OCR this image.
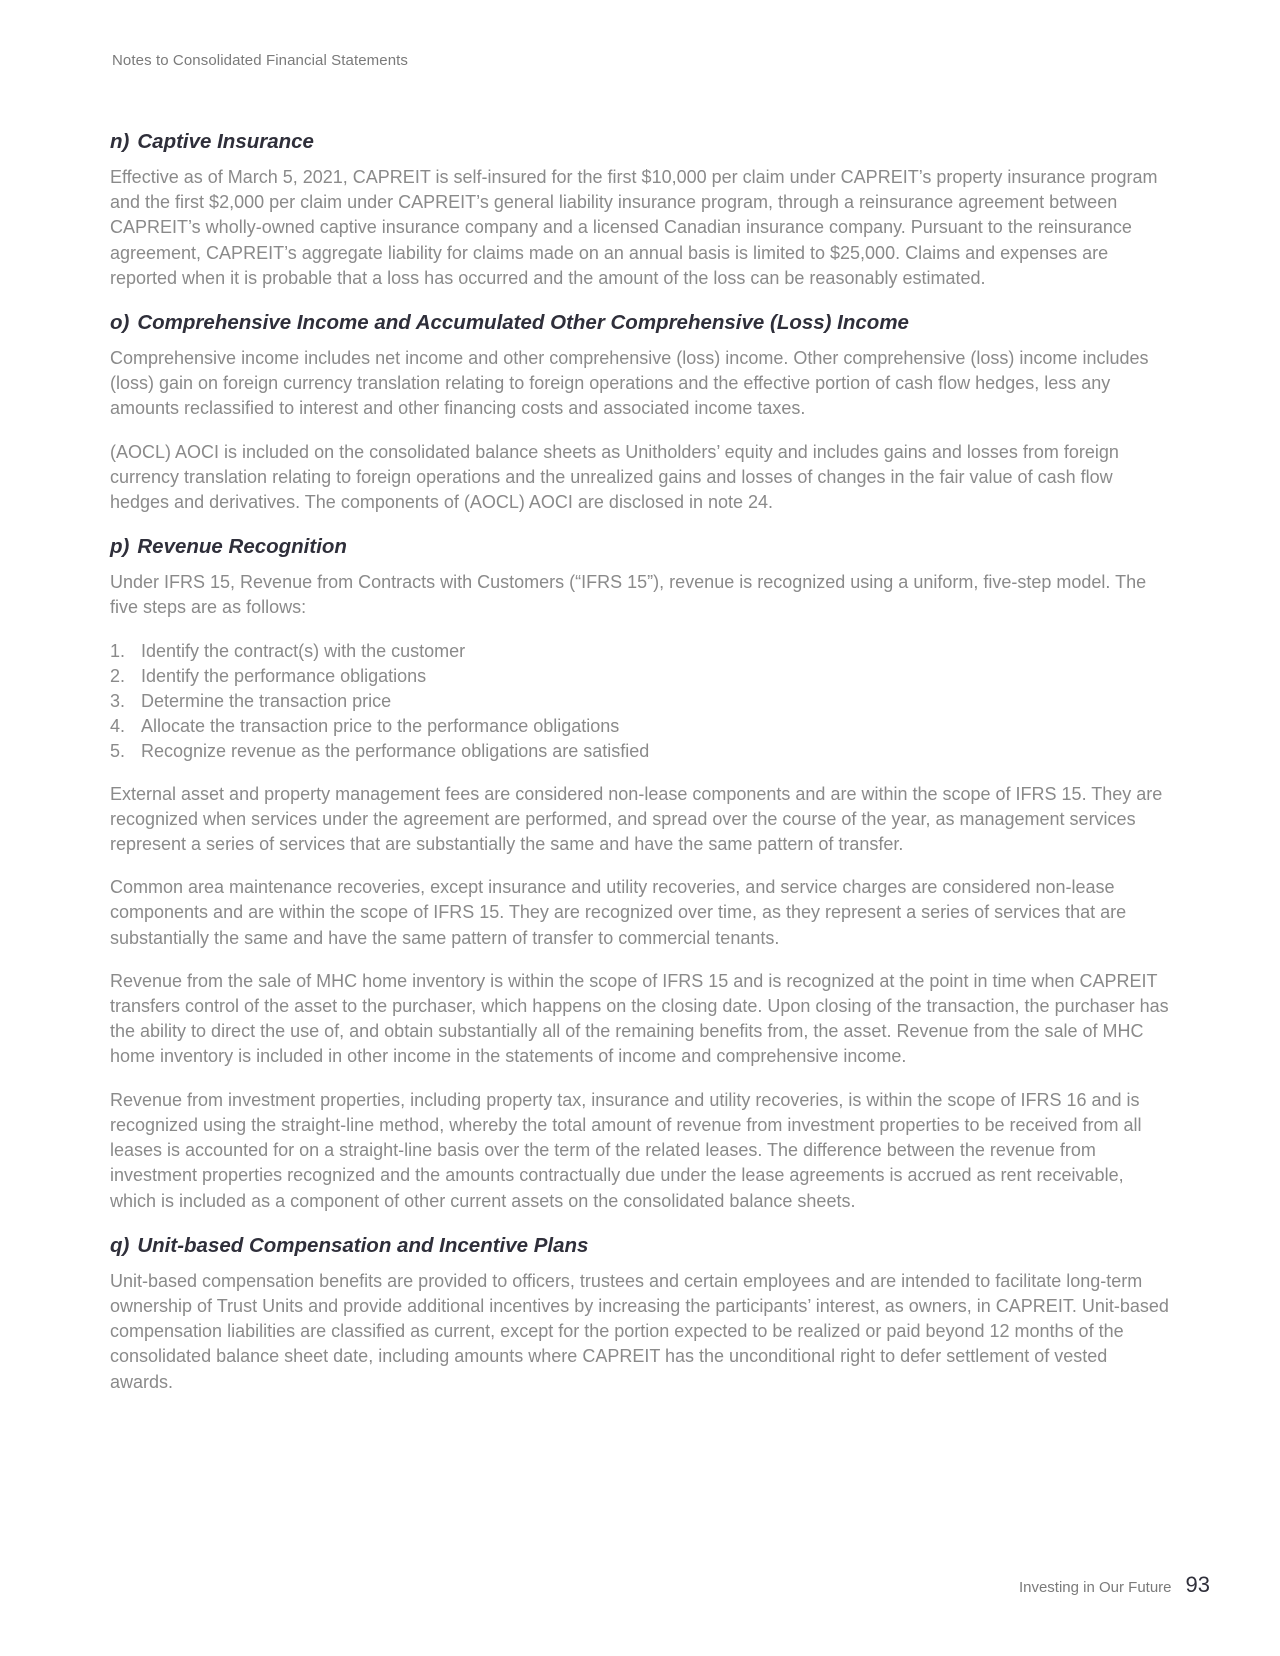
Notes to Consolidated Financial Statements
n) Captive Insurance

Effective as of March 5, 2021, CAPREIT is self-insured for the first $10,000 per claim under CAPREIT’s property insurance program and the first $2,000 per claim under CAPREIT’s general liability insurance program, through a reinsurance agreement between CAPREIT’s wholly-owned captive insurance company and a licensed Canadian insurance company. Pursuant to the reinsurance agreement, CAPREIT’s aggregate liability for claims made on an annual basis is limited to $25,000. Claims and expenses are reported when it is probable that a loss has occurred and the amount of the loss can be reasonably estimated.

o) Comprehensive Income and Accumulated Other Comprehensive (Loss) Income

Comprehensive income includes net income and other comprehensive (loss) income. Other comprehensive (loss) income includes (loss) gain on foreign currency translation relating to foreign operations and the effective portion of cash flow hedges, less any amounts reclassified to interest and other financing costs and associated income taxes.

(AOCL) AOCI is included on the consolidated balance sheets as Unitholders’ equity and includes gains and losses from foreign currency translation relating to foreign operations and the unrealized gains and losses of changes in the fair value of cash flow hedges and derivatives. The components of (AOCL) AOCI are disclosed in note 24.

p) Revenue Recognition

Under IFRS 15, Revenue from Contracts with Customers (“IFRS 15”), revenue is recognized using a uniform, five-step model. The five steps are as follows:

1. Identify the contract(s) with the customer
2. Identify the performance obligations
3. Determine the transaction price
4. Allocate the transaction price to the performance obligations
5. Recognize revenue as the performance obligations are satisfied

External asset and property management fees are considered non-lease components and are within the scope of IFRS 15. They are recognized when services under the agreement are performed, and spread over the course of the year, as management services represent a series of services that are substantially the same and have the same pattern of transfer.

Common area maintenance recoveries, except insurance and utility recoveries, and service charges are considered non-lease components and are within the scope of IFRS 15. They are recognized over time, as they represent a series of services that are substantially the same and have the same pattern of transfer to commercial tenants.

Revenue from the sale of MHC home inventory is within the scope of IFRS 15 and is recognized at the point in time when CAPREIT transfers control of the asset to the purchaser, which happens on the closing date. Upon closing of the transaction, the purchaser has the ability to direct the use of, and obtain substantially all of the remaining benefits from, the asset. Revenue from the sale of MHC home inventory is included in other income in the statements of income and comprehensive income.

Revenue from investment properties, including property tax, insurance and utility recoveries, is within the scope of IFRS 16 and is recognized using the straight-line method, whereby the total amount of revenue from investment properties to be received from all leases is accounted for on a straight-line basis over the term of the related leases. The difference between the revenue from investment properties recognized and the amounts contractually due under the lease agreements is accrued as rent receivable, which is included as a component of other current assets on the consolidated balance sheets.

q) Unit-based Compensation and Incentive Plans

Unit-based compensation benefits are provided to officers, trustees and certain employees and are intended to facilitate long-term ownership of Trust Units and provide additional incentives by increasing the participants’ interest, as owners, in CAPREIT. Unit-based compensation liabilities are classified as current, except for the portion expected to be realized or paid beyond 12 months of the consolidated balance sheet date, including amounts where CAPREIT has the unconditional right to defer settlement of vested awards.

Investing in Our Future 93
